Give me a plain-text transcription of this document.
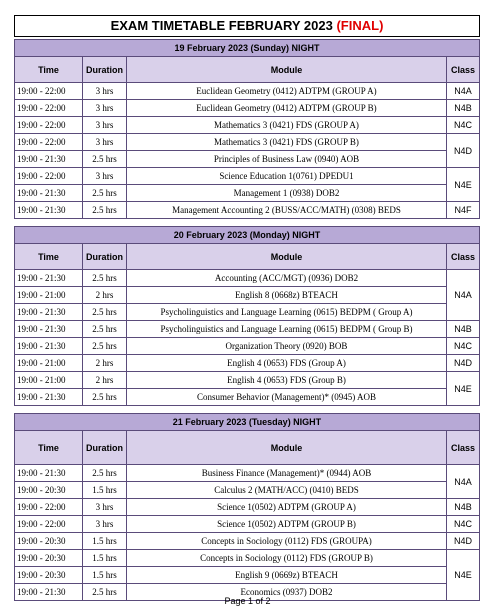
EXAM TIMETABLE FEBRUARY 2023 (FINAL)
19 February 2023 (Sunday) NIGHT			
Time	Duration	Module	Class
19:00 - 22:00	3 hrs	Euclidean Geometry (0412) ADTPM (GROUP A)	N4A
19:00 - 22:00	3 hrs	Euclidean Geometry (0412) ADTPM (GROUP B)	N4B
19:00 - 22:00	3 hrs	Mathematics 3 (0421) FDS (GROUP A)	N4C
19:00 - 22:00	3 hrs	Mathematics 3 (0421) FDS (GROUP B)	N4D
19:00 - 21:30	2.5 hrs	Principles of Business Law (0940) AOB	
19:00 - 22:00	3 hrs	Science Education 1(0761) DPEDU1	N4E
19:00 - 21:30	2.5 hrs	Management 1 (0938) DOB2	
19:00 - 21:30	2.5 hrs	Management Accounting 2 (BUSS/ACC/MATH) (0308) BEDS	N4F
20 February 2023 (Monday) NIGHT			
Time	Duration	Module	Class
19:00 - 21:30	2.5 hrs	Accounting (ACC/MGT) (0936) DOB2	N4A
19:00 - 21:00	2 hrs	English 8 (0668z) BTEACH	
19:00 - 21:30	2.5 hrs	Psycholinguistics and Language Learning (0615) BEDPM ( Group A)	
19:00 - 21:30	2.5 hrs	Psycholinguistics and Language Learning (0615) BEDPM ( Group B)	N4B
19:00 - 21:30	2.5 hrs	Organization Theory (0920) BOB	N4C
19:00 - 21:00	2 hrs	English 4 (0653) FDS (Group A)	N4D
19:00 - 21:00	2 hrs	English 4 (0653) FDS (Group B)	N4E
19:00 - 21:30	2.5 hrs	Consumer Behavior (Management)* (0945) AOB	
21 February 2023 (Tuesday) NIGHT			
Time	Duration	Module	Class
19:00 - 21:30	2.5 hrs	Business Finance (Management)* (0944) AOB	N4A
19:00 - 20:30	1.5 hrs	Calculus 2 (MATH/ACC) (0410) BEDS	
19:00 - 22:00	3 hrs	Science 1(0502) ADTPM (GROUP A)	N4B
19:00 - 22:00	3 hrs	Science 1(0502) ADTPM (GROUP B)	N4C
19:00 - 20:30	1.5 hrs	Concepts in Sociology (0112) FDS (GROUPA)	N4D
19:00 - 20:30	1.5 hrs	Concepts in Sociology (0112) FDS (GROUP B)	N4E
19:00 - 20:30	1.5 hrs	English 9 (0669z) BTEACH	
19:00 - 21:30	2.5 hrs	Economics (0937) DOB2	
Page 1 of 2
